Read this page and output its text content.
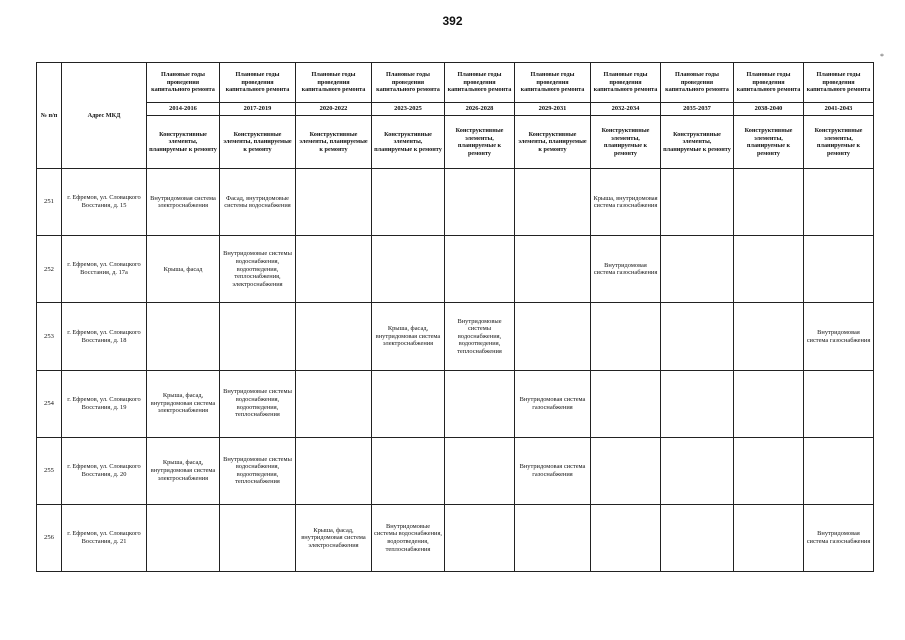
392
*
№ п/п	Адрес МКД	Плановые годы проведения капитального ремонта	Плановые годы проведения капитального ремонта	Плановые годы проведения капитального ремонта	Плановые годы проведения капитального ремонта	Плановые годы проведения капитального ремонта	Плановые годы проведения капитального ремонта	Плановые годы проведения капитального ремонта	Плановые годы проведения капитального ремонта	Плановые годы проведения капитального ремонта	Плановые годы проведения капитального ремонта
		2014-2016	2017-2019	2020-2022	2023-2025	2026-2028	2029-2031	2032-2034	2035-2037	2038-2040	2041-2043
		Конструктивные элементы, планируемые к ремонту	Конструктивные элементы, планируемые к ремонту	Конструктивные элементы, планируемые к ремонту	Конструктивные элементы, планируемые к ремонту	Конструктивные элементы, планируемые к ремонту	Конструктивные элементы, планируемые к ремонту	Конструктивные элементы, планируемые к ремонту	Конструктивные элементы, планируемые к ремонту	Конструктивные элементы, планируемые к ремонту	Конструктивные элементы, планируемые к ремонту
251	г. Ефремов, ул. Словацкого Восстания, д. 15	Внутридомовая система электроснабжения	Фасад, внутридомовые системы водоснабжения					Крыша, внутридомовая система газоснабжения			
252	г. Ефремов, ул. Словацкого Восстания, д. 17а	Крыша, фасад	Внутридомовые системы водоснабжения, водоотведения, теплоснабжения, электроснабжения					Внутридомовая система газоснабжения			
253	г. Ефремов, ул. Словацкого Восстания, д. 18				Крыша, фасад, внутридомовая система электроснабжения	Внутридомовые системы водоснабжения, водоотведения, теплоснабжения					Внутридомовая система газоснабжения
254	г. Ефремов, ул. Словацкого Восстания, д. 19	Крыша, фасад, внутридомовая система электроснабжения	Внутридомовые системы водоснабжения, водоотведения, теплоснабжения				Внутридомовая система газоснабжения				
255	г. Ефремов, ул. Словацкого Восстания, д. 20	Крыша, фасад, внутридомовая система электроснабжения	Внутридомовые системы водоснабжения, водоотведения, теплоснабжения				Внутридомовая система газоснабжения				
256	г. Ефремов, ул. Словацкого Восстания, д. 21			Крыша, фасад, внутридомовая система электроснабжения	Внутридомовые системы водоснабжения, водоотведения, теплоснабжения						Внутридомовая система газоснабжения
